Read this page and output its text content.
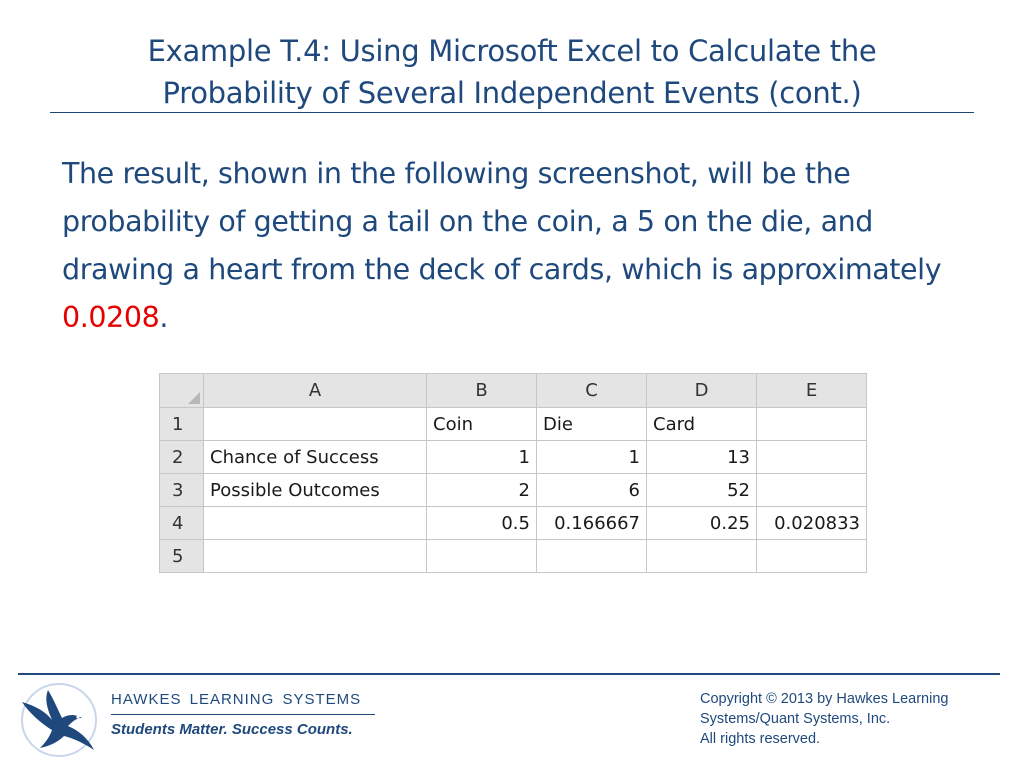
Example T.4: Using Microsoft Excel to Calculate the
Probability of Several Independent Events (cont.)
The result, shown in the following screenshot, will be the probability of getting a tail on the coin, a 5 on the die, and drawing a heart from the deck of cards, which is approximately 0.0208.
	A	B	C	D	E
1		Coin	Die	Card	
2	Chance of Success	1	1	13	
3	Possible Outcomes	2	6	52	
4		0.5	0.166667	0.25	0.020833
5					
HAWKES LEARNING SYSTEMS
Students Matter. Success Counts.
Copyright © 2013 by Hawkes Learning
Systems/Quant Systems, Inc.
All rights reserved.
